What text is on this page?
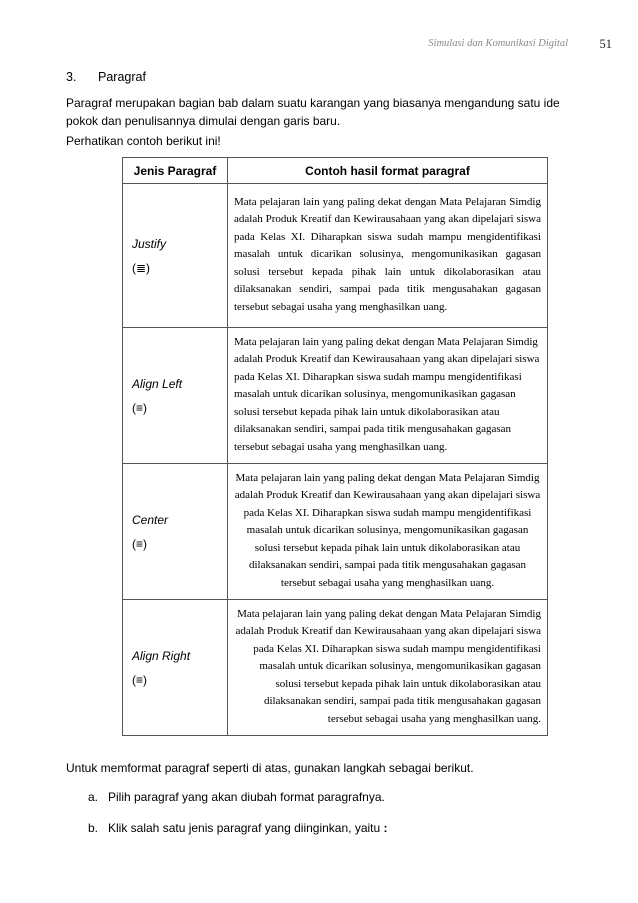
Simulasi dan Komunikasi Digital	51
3. Paragraf
Paragraf merupakan bagian bab dalam suatu karangan yang biasanya mengandung satu ide pokok dan penulisannya dimulai dengan garis baru.
Perhatikan contoh berikut ini!
Jenis Paragraf	Contoh hasil format paragraf

Justify
(≣)	Mata pelajaran lain yang paling dekat dengan Mata Pelajaran Simdig adalah Produk Kreatif dan Kewirausahaan yang akan dipelajari siswa pada Kelas XI. Diharapkan siswa sudah mampu mengidentifikasi masalah untuk dicarikan solusinya, mengomunikasikan gagasan solusi tersebut kepada pihak lain untuk dikolaborasikan atau dilaksanakan sendiri, sampai pada titik mengusahakan gagasan tersebut sebagai usaha yang menghasilkan uang.

Align Left
(≡)	Mata pelajaran lain yang paling dekat dengan Mata Pelajaran Simdig adalah Produk Kreatif dan Kewirausahaan yang akan dipelajari siswa pada Kelas XI. Diharapkan siswa sudah mampu mengidentifikasi masalah untuk dicarikan solusinya, mengomunikasikan gagasan solusi tersebut kepada pihak lain untuk dikolaborasikan atau dilaksanakan sendiri, sampai pada titik mengusahakan gagasan tersebut sebagai usaha yang menghasilkan uang.

Center
(≡)	Mata pelajaran lain yang paling dekat dengan Mata Pelajaran Simdig adalah Produk Kreatif dan Kewirausahaan yang akan dipelajari siswa pada Kelas XI. Diharapkan siswa sudah mampu mengidentifikasi masalah untuk dicarikan solusinya, mengomunikasikan gagasan solusi tersebut kepada pihak lain untuk dikolaborasikan atau dilaksanakan sendiri, sampai pada titik mengusahakan gagasan tersebut sebagai usaha yang menghasilkan uang.

Align Right
(≡)	Mata pelajaran lain yang paling dekat dengan Mata Pelajaran Simdig adalah Produk Kreatif dan Kewirausahaan yang akan dipelajari siswa pada Kelas XI. Diharapkan siswa sudah mampu mengidentifikasi masalah untuk dicarikan solusinya, mengomunikasikan gagasan solusi tersebut kepada pihak lain untuk dikolaborasikan atau dilaksanakan sendiri, sampai pada titik mengusahakan gagasan tersebut sebagai usaha yang menghasilkan uang.
Untuk memformat paragraf seperti di atas, gunakan langkah sebagai berikut.
a. Pilih paragraf yang akan diubah format paragrafnya.
b. Klik salah satu jenis paragraf yang diinginkan, yaitu :
